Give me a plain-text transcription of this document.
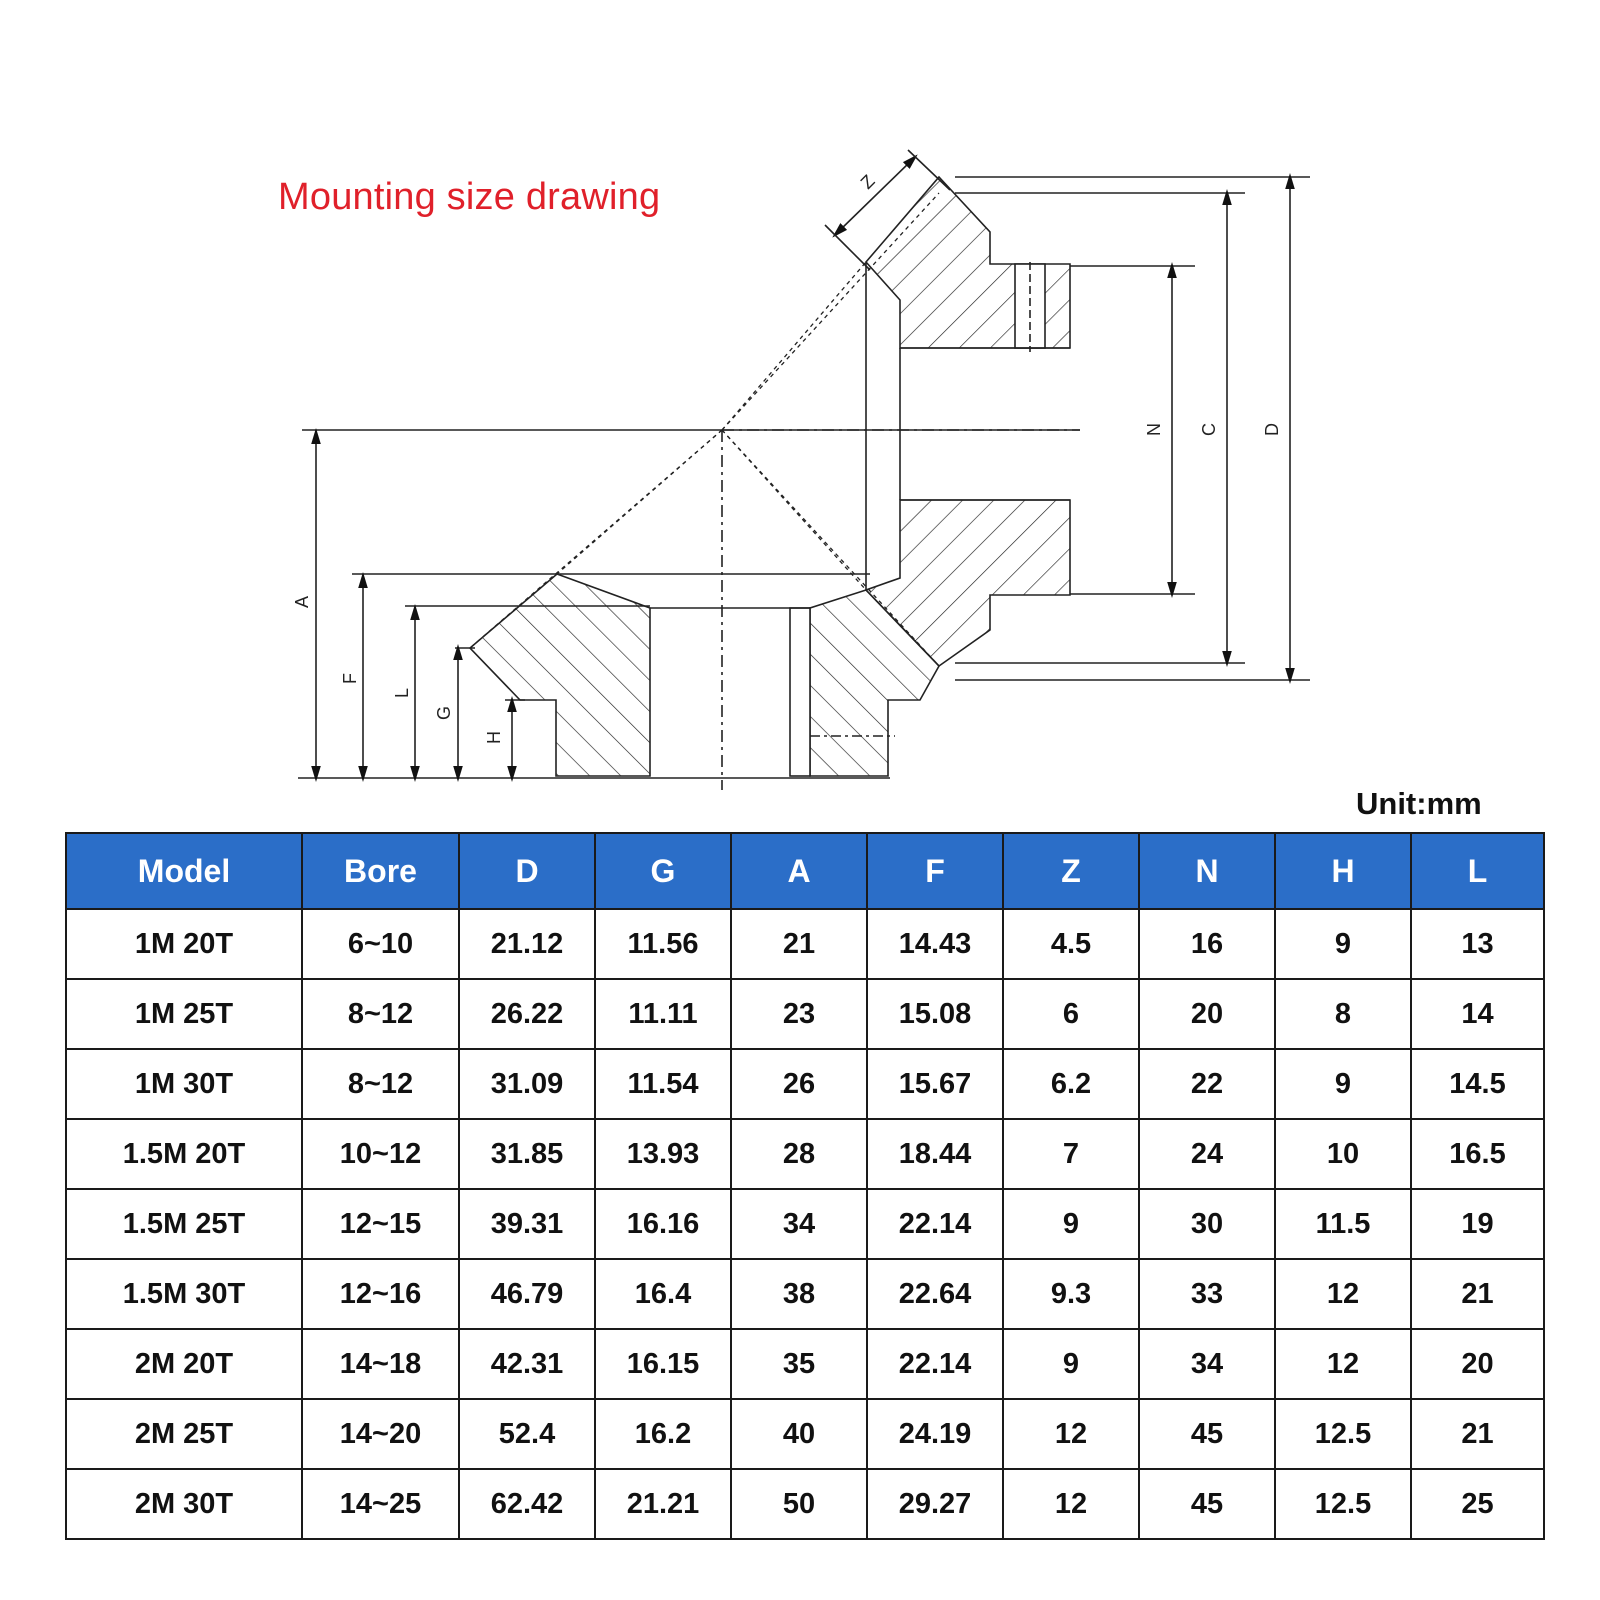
Mounting size drawing	Z
N C D
A
F
L
G
H
Unit:mm
Model	Bore	D	G	A	F	Z	N	H	L
1M 20T	6~10	21.12	11.56	21	14.43	4.5	16	9	13
1M 25T	8~12	26.22	11.11	23	15.08	6	20	8	14
1M 30T	8~12	31.09	11.54	26	15.67	6.2	22	9	14.5
1.5M 20T	10~12	31.85	13.93	28	18.44	7	24	10	16.5
1.5M 25T	12~15	39.31	16.16	34	22.14	9	30	11.5	19
1.5M 30T	12~16	46.79	16.4	38	22.64	9.3	33	12	21
2M 20T	14~18	42.31	16.15	35	22.14	9	34	12	20
2M 25T	14~20	52.4	16.2	40	24.19	12	45	12.5	21
2M 30T	14~25	62.42	21.21	50	29.27	12	45	12.5	25
